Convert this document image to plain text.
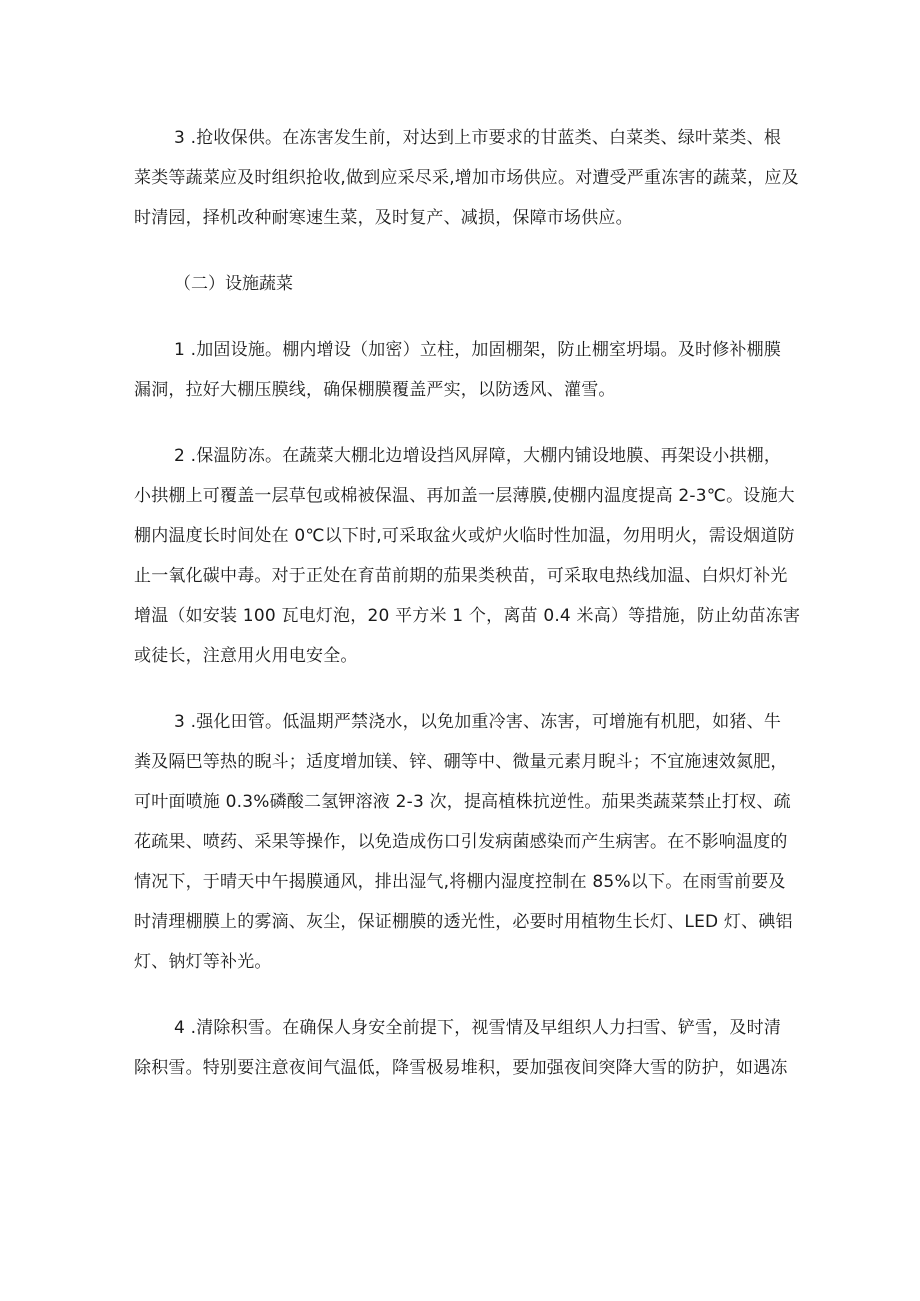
3 .抢收保供。在冻害发生前，对达到上市要求的甘蓝类、白菜类、绿叶菜类、根
菜类等蔬菜应及时组织抢收,做到应采尽采,增加市场供应。对遭受严重冻害的蔬菜，应及
时清园，择机改种耐寒速生菜，及时复产、减损，保障市场供应。

（二）设施蔬菜

1 .加固设施。棚内增设（加密）立柱，加固棚架，防止棚室坍塌。及时修补棚膜
漏洞，拉好大棚压膜线，确保棚膜覆盖严实，以防透风、灌雪。

2 .保温防冻。在蔬菜大棚北边增设挡风屏障，大棚内铺设地膜、再架设小拱棚，
小拱棚上可覆盖一层草包或棉被保温、再加盖一层薄膜,使棚内温度提高 2-3℃。设施大
棚内温度长时间处在 0℃以下时,可采取盆火或炉火临时性加温，勿用明火，需设烟道防
止一氧化碳中毒。对于正处在育苗前期的茄果类秧苗，可采取电热线加温、白炽灯补光
增温（如安装 100 瓦电灯泡，20 平方米 1 个，离苗 0.4 米高）等措施，防止幼苗冻害
或徒长，注意用火用电安全。

3 .强化田管。低温期严禁浇水，以免加重冷害、冻害，可增施有机肥，如猪、牛
粪及隔巴等热的睨斗；适度增加镁、锌、硼等中、微量元素月睨斗；不宜施速效氮肥，
可叶面喷施 0.3%磷酸二氢钾溶液 2-3 次，提高植株抗逆性。茄果类蔬菜禁止打杈、疏
花疏果、喷药、采果等操作，以免造成伤口引发病菌感染而产生病害。在不影响温度的
情况下，于晴天中午揭膜通风，排出湿气,将棚内湿度控制在 85%以下。在雨雪前要及
时清理棚膜上的雾滴、灰尘，保证棚膜的透光性，必要时用植物生长灯、LED 灯、碘铝
灯、钠灯等补光。

4 .清除积雪。在确保人身安全前提下，视雪情及早组织人力扫雪、铲雪，及时清
除积雪。特别要注意夜间气温低，降雪极易堆积，要加强夜间突降大雪的防护，如遇冻
